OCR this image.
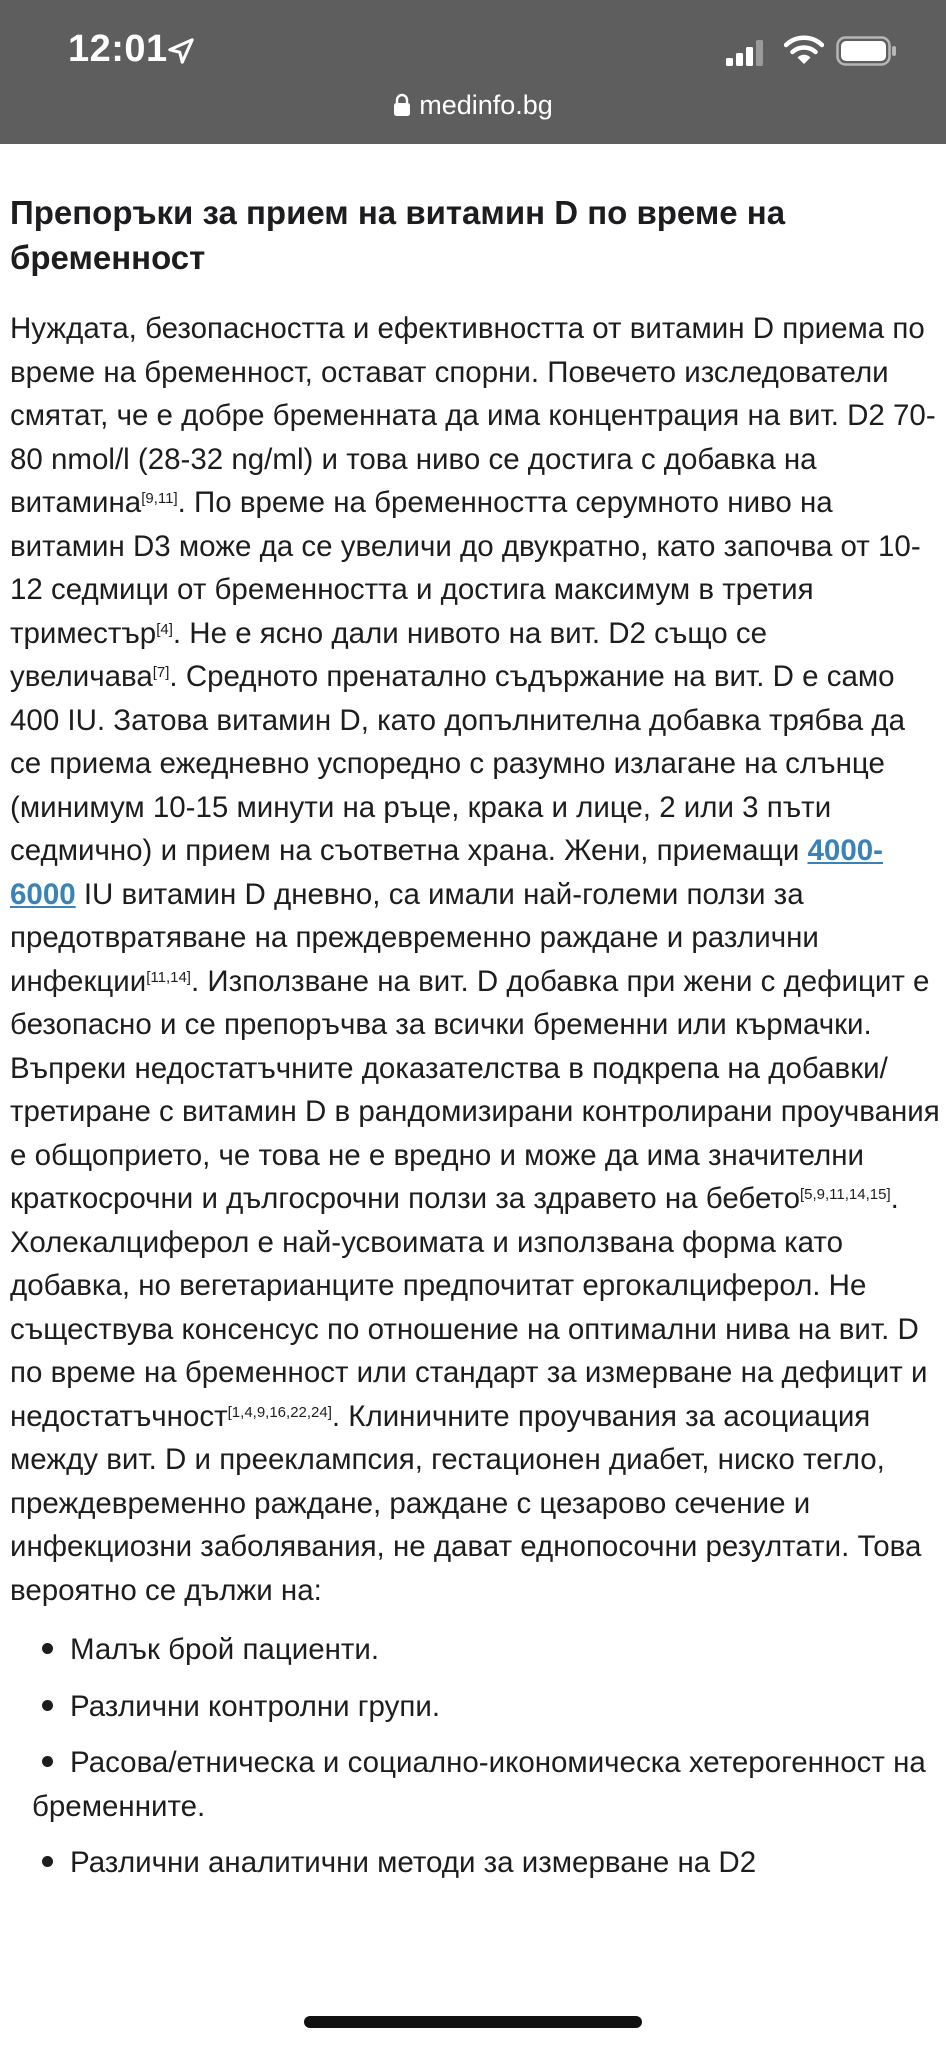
12:01
medinfo.bg
Препоръки за прием на витамин D по време на бременност

Нуждата, безопасността и ефективността от витамин D приема по време на бременност, остават спорни. Повечето изследователи смятат, че е добре бременната да има концентрация на вит. D2 70-80 nmol/l (28-32 ng/ml) и това ниво се достига с добавка на витамина[9,11]. По време на бременността серумното ниво на витамин D3 може да се увеличи до двукратно, като започва от 10-12 седмици от бременността и достига максимум в третия триместър[4]. Не е ясно дали нивото на вит. D2 също се увеличава[7]. Средното пренатално съдържание на вит. D е само 400 IU. Затова витамин D, като допълнителна добавка трябва да се приема ежедневно успоредно с разумно излагане на слънце (минимум 10-15 минути на ръце, крака и лице, 2 или 3 пъти седмично) и прием на съответна храна. Жени, приемащи 4000-6000 IU витамин D дневно, са имали най-големи ползи за предотвратяване на преждевременно раждане и различни инфекции[11,14]. Използване на вит. D добавка при жени с дефицит е безопасно и се препоръчва за всички бременни или кърмачки. Въпреки недостатъчните доказателства в подкрепа на добавки/третиране с витамин D в рандомизирани контролирани проучвания е общоприето, че това не е вредно и може да има значителни краткосрочни и дългосрочни ползи за здравето на бебето[5,9,11,14,15]. Холекалциферол е най-усвоимата и използвана форма като добавка, но вегетарианците предпочитат ергокалциферол. Не съществува консенсус по отношение на оптимални нива на вит. D по време на бременност или стандарт за измерване на дефицит и недостатъчност[1,4,9,16,22,24]. Клиничните проучвания за асоциация между вит. D и прееклампсия, гестационен диабет, ниско тегло, преждевременно раждане, раждане с цезарово сечение и инфекциозни заболявания, не дават еднопосочни резултати. Това вероятно се дължи на:

Малък брой пациенти.
Различни контролни групи.
Расова/етническа и социално-икономическа хетерогенност на бременните.
Различни аналитични методи за измерване на D2
